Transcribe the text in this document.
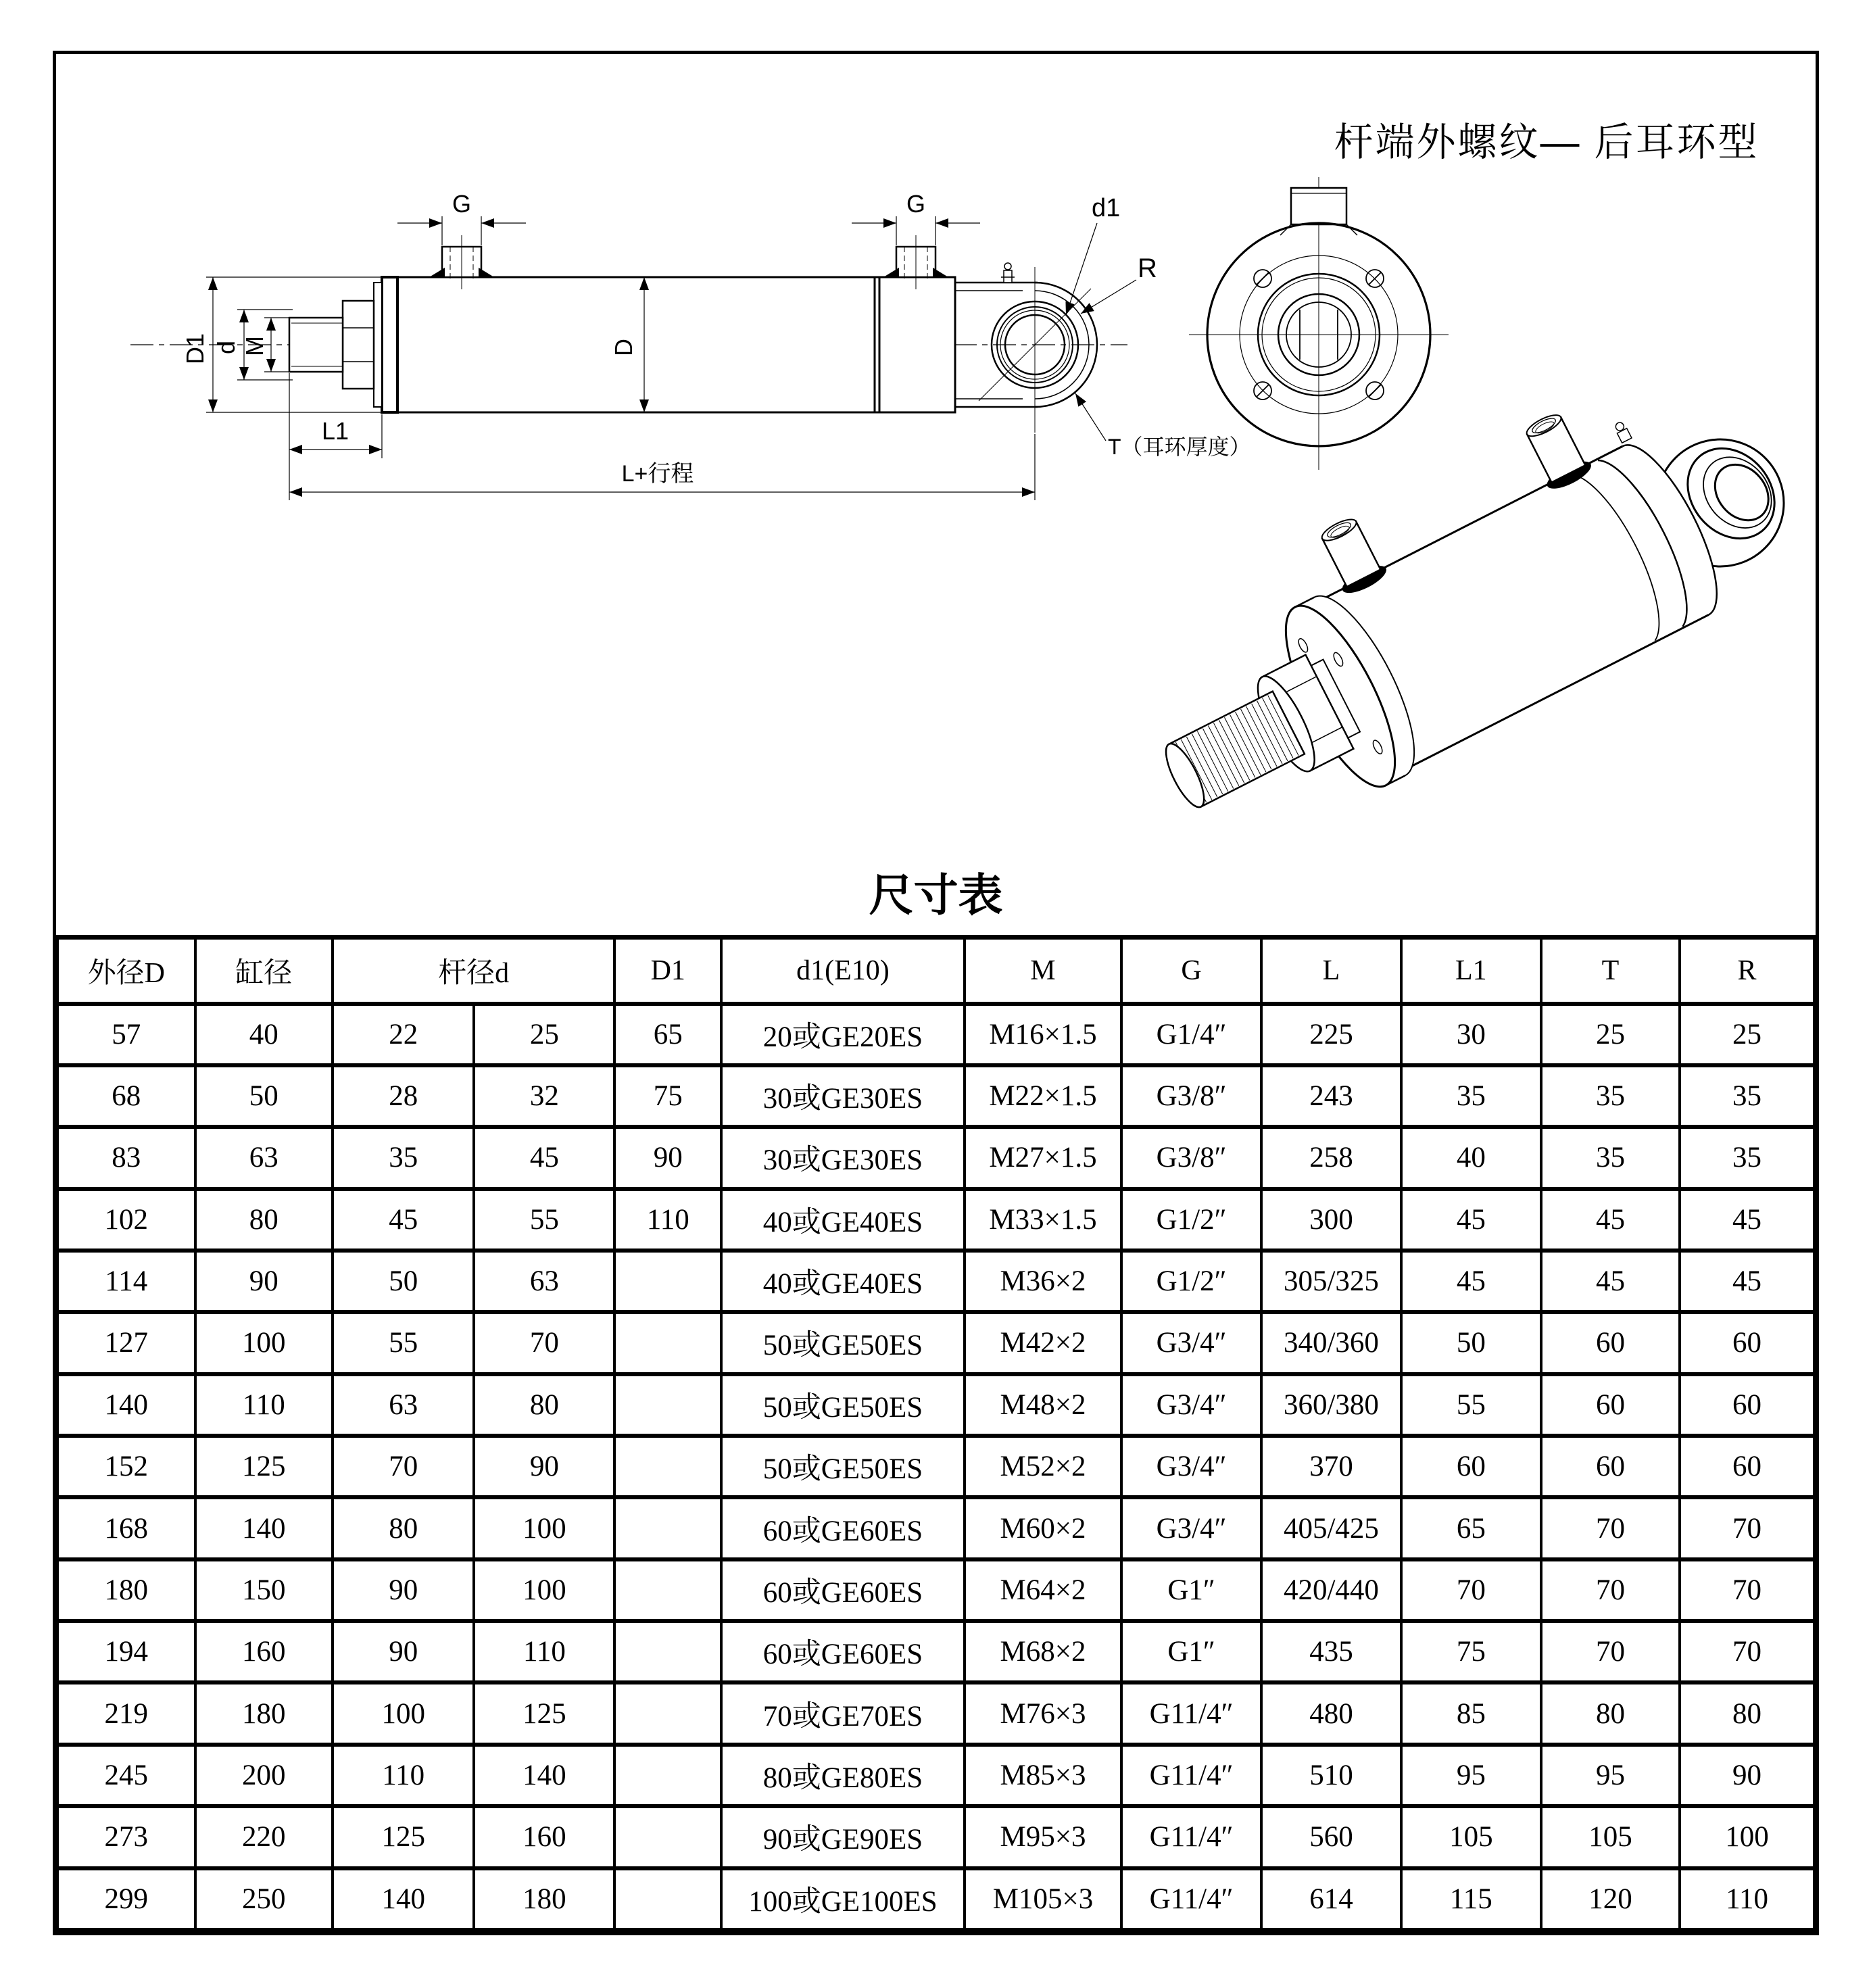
G	G
D1 d M	D
d1
R
T（耳环厚度）
L1
L+行程
杆端外螺纹— 后耳环型
尺寸表											
外径D	缸径	杆径d		D1	d1(E10)	M	G	L	L1	T	R
57	40	22	25	65	20或GE20ES	M16×1.5	G1/4″	225	30	25	25
68	50	28	32	75	30或GE30ES	M22×1.5	G3/8″	243	35	35	35
83	63	35	45	90	30或GE30ES	M27×1.5	G3/8″	258	40	35	35
102	80	45	55	110	40或GE40ES	M33×1.5	G1/2″	300	45	45	45
114	90	50	63		40或GE40ES	M36×2	G1/2″	305/325	45	45	45
127	100	55	70		50或GE50ES	M42×2	G3/4″	340/360	50	60	60
140	110	63	80		50或GE50ES	M48×2	G3/4″	360/380	55	60	60
152	125	70	90		50或GE50ES	M52×2	G3/4″	370	60	60	60
168	140	80	100		60或GE60ES	M60×2	G3/4″	405/425	65	70	70
180	150	90	100		60或GE60ES	M64×2	G1″	420/440	70	70	70
194	160	90	110		60或GE60ES	M68×2	G1″	435	75	70	70
219	180	100	125		70或GE70ES	M76×3	G11/4″	480	85	80	80
245	200	110	140		80或GE80ES	M85×3	G11/4″	510	95	95	90
273	220	125	160		90或GE90ES	M95×3	G11/4″	560	105	105	100
299	250	140	180		100或GE100ES	M105×3	G11/4″	614	115	120	110
